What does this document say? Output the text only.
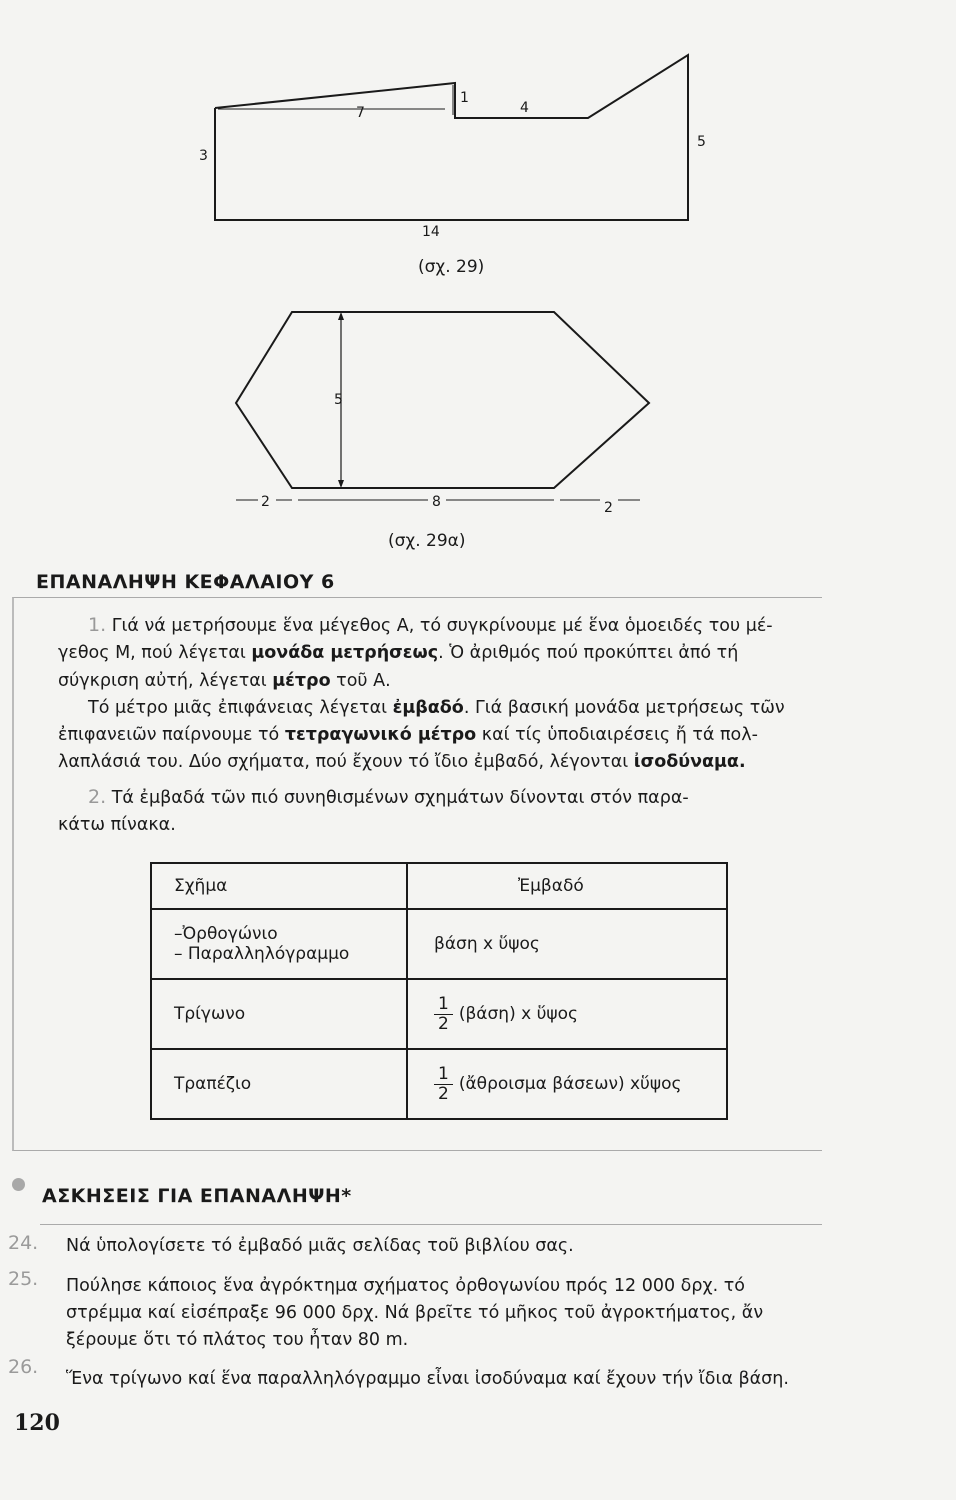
7
1
4
5
3
14
(σχ. 29)
5
2	8	2
(σχ. 29α)
ΕΠΑΝΑΛΗΨΗ ΚΕΦΑΛΑΙΟΥ 6
1. Γιά νά μετρήσουμε ἕνα μέγεθος Α, τό συγκρίνουμε μέ ἕνα ὁμοειδές του μέ-
γεθος Μ, πού λέγεται μονάδα μετρήσεως. Ὁ ἀριθμός πού προκύπτει ἀπό τή
σύγκριση αὐτή, λέγεται μέτρο τοῦ Α.
Τό μέτρο μιᾶς ἐπιφάνειας λέγεται ἐμβαδό. Γιά βασική μονάδα μετρήσεως τῶν
ἐπιφανειῶν παίρνουμε τό τετραγωνικό μέτρο καί τίς ὑποδιαιρέσεις ἤ τά πολ-
λαπλάσιά του. Δύο σχήματα, πού ἔχουν τό ἴδιο ἐμβαδό, λέγονται ἰσοδύναμα.
2. Τά ἐμβαδά τῶν πιό συνηθισμένων σχημάτων δίνονται στόν παρα-
κάτω πίνακα.
Σχῆμα	Ἐμβαδό

–Ὀρθογώνιο
– Παραλληλόγραμμο	βάση x ὕψος
Τρίγωνο	$\frac{1}{2} (\beta ά\sigma\eta)$ x ὕψος
Τραπέζιο	$\frac{1}{2}$ (ἄθροισμα βάσεων) xὕψος
ΑΣΚΗΣΕΙΣ ΓΙΑ ΕΠΑΝΑΛΗΨΗ*
24. Νά ὑπολογίσετε τό ἐμβαδό μιᾶς σελίδας τοῦ βιβλίου σας.
25. Πούλησε κάποιος ἕνα ἀγρόκτημα σχήματος ὀρθογωνίου πρός 12 000 δρχ. τό
στρέμμα καί εἰσέπραξε 96 000 δρχ. Νά βρεῖτε τό μῆκος τοῦ ἀγροκτήματος, ἄν
ξέρουμε ὅτι τό πλάτος του ἦταν 80 m.
26.
Ἕνα τρίγωνο καί ἕνα παραλληλόγραμμο εἶναι ἰσοδύναμα καί ἔχουν τήν ἴδια βάση.
120
